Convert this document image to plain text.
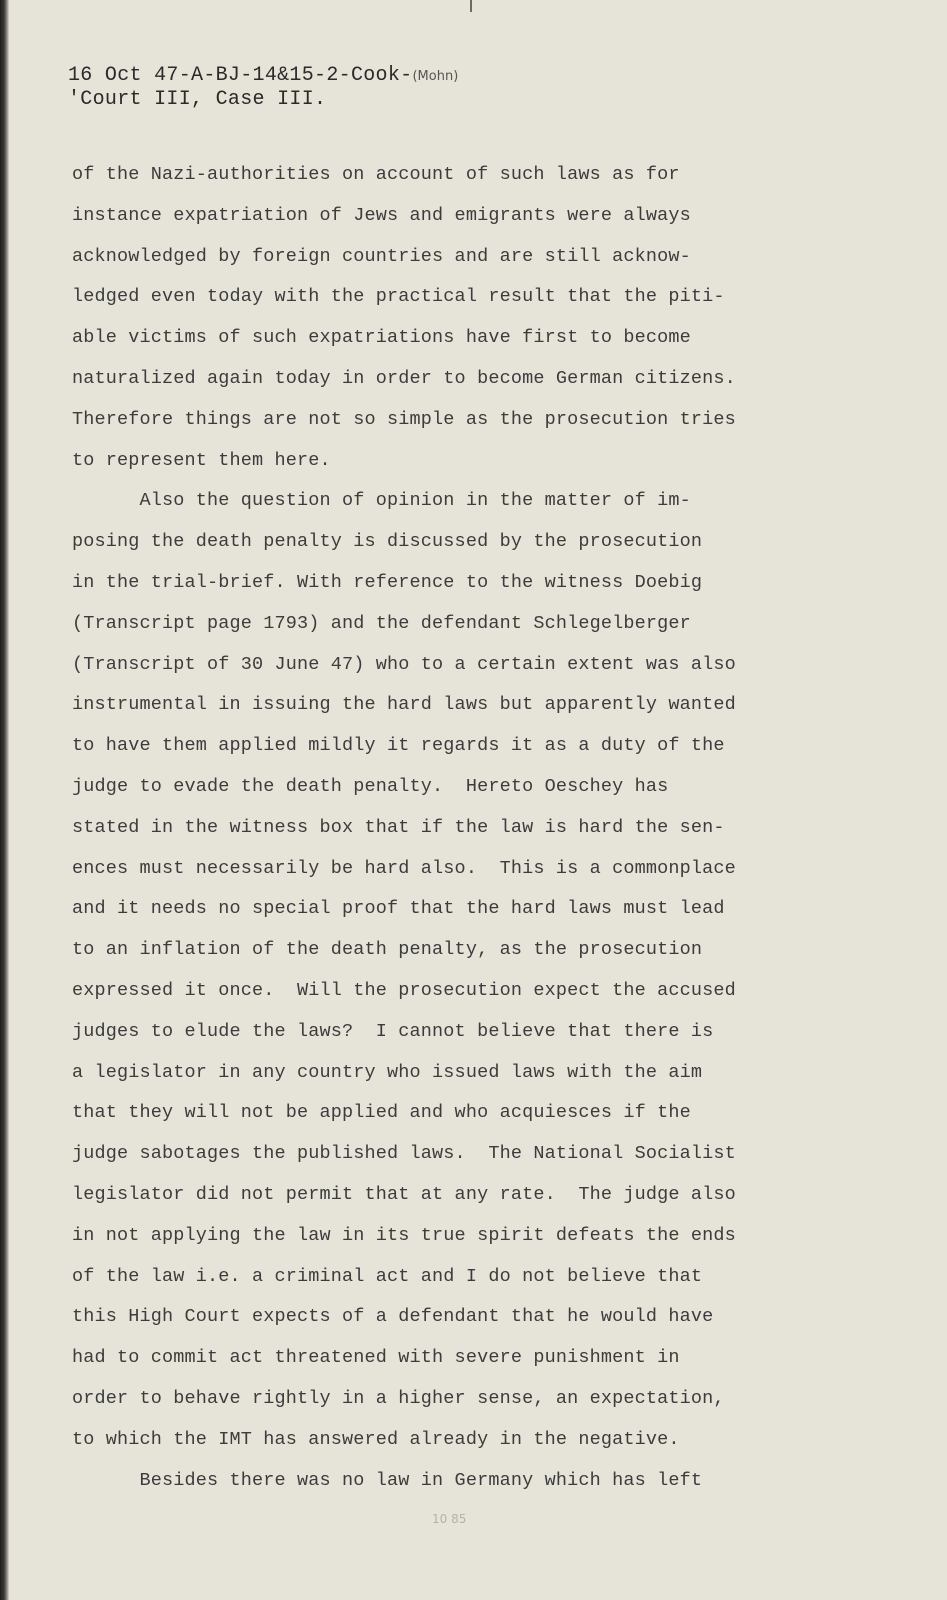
16 Oct 47-A-BJ-14&15-2-Cook-(Mohn)
'Court III, Case III.
of the Nazi-authorities on account of such laws as for
instance expatriation of Jews and emigrants were always
acknowledged by foreign countries and are still acknow-
ledged even today with the practical result that the piti-
able victims of such expatriations have first to become
naturalized again today in order to become German citizens.
Therefore things are not so simple as the prosecution tries
to represent them here.
Also the question of opinion in the matter of im-
posing the death penalty is discussed by the prosecution
in the trial-brief. With reference to the witness Doebig
(Transcript page 1793) and the defendant Schlegelberger
(Transcript of 30 June 47) who to a certain extent was also
instrumental in issuing the hard laws but apparently wanted
to have them applied mildly it regards it as a duty of the
judge to evade the death penalty.  Hereto Oeschey has
stated in the witness box that if the law is hard the sen-
ences must necessarily be hard also.  This is a commonplace
and it needs no special proof that the hard laws must lead
to an inflation of the death penalty, as the prosecution
expressed it once.  Will the prosecution expect the accused
judges to elude the laws?  I cannot believe that there is
a legislator in any country who issued laws with the aim
that they will not be applied and who acquiesces if the
judge sabotages the published laws.  The National Socialist
legislator did not permit that at any rate.  The judge also
in not applying the law in its true spirit defeats the ends
of the law i.e. a criminal act and I do not believe that
this High Court expects of a defendant that he would have
had to commit act threatened with severe punishment in
order to behave rightly in a higher sense, an expectation,
to which the IMT has answered already in the negative.
Besides there was no law in Germany which has left
10 85
